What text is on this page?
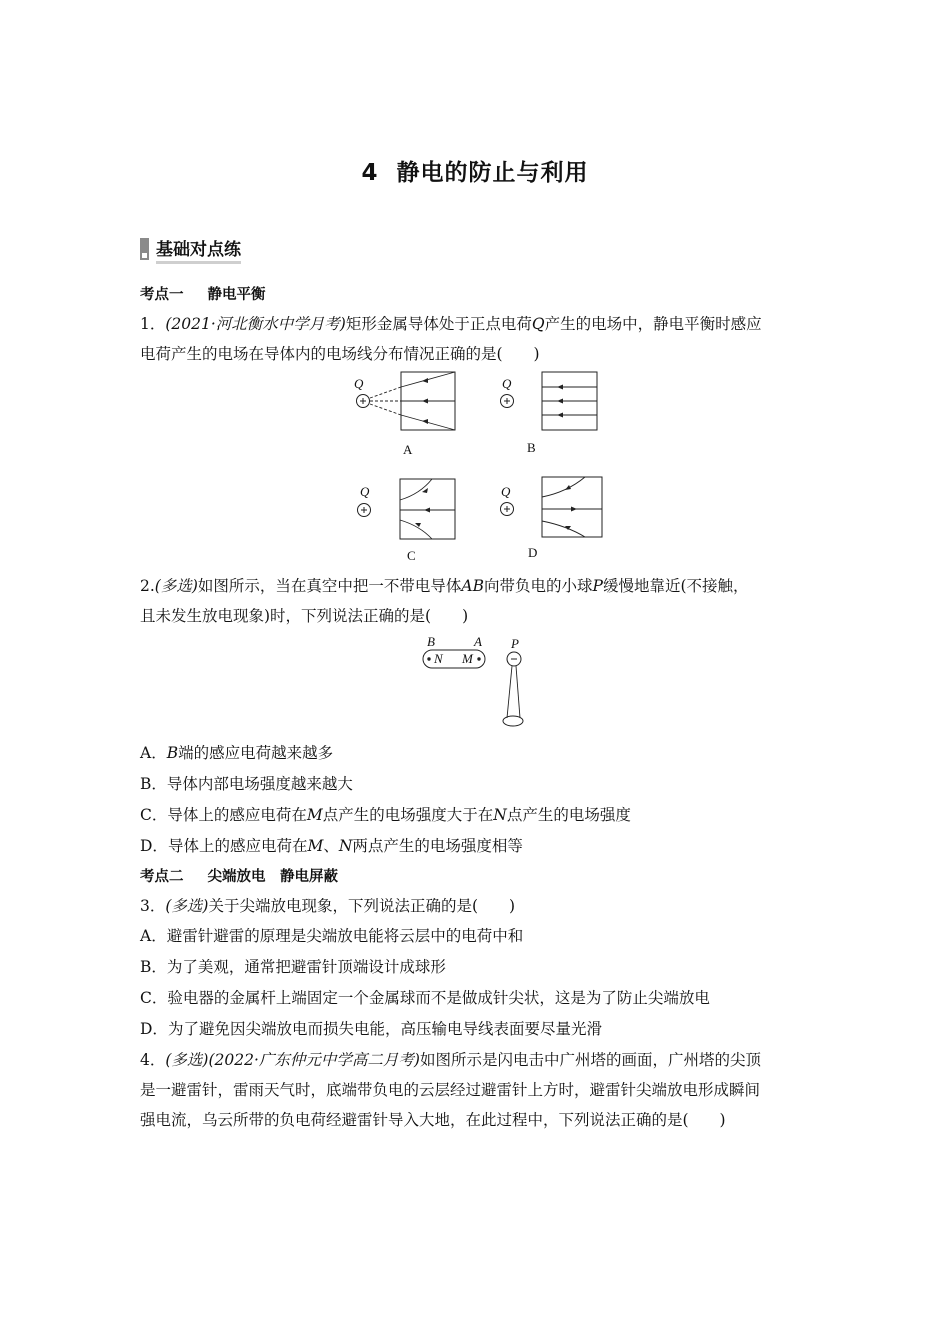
4 静电的防止与利用
基础对点练
考点一 静电平衡
1．(2021·河北衡水中学月考)矩形金属导体处于正点电荷Q产生的电场中，静电平衡时感应
电荷产生的电场在导体内的电场线分布情况正确的是(　　)
Q
A
Q
B
Q
C
Q
D
2.(多选)如图所示，当在真空中把一不带电导体AB向带负电的小球P缓慢地靠近(不接触，
且未发生放电现象)时，下列说法正确的是(　　)
B	A P
N M
A．B端的感应电荷越来越多
B．导体内部电场强度越来越大
C．导体上的感应电荷在M点产生的电场强度大于在N点产生的电场强度
D．导体上的感应电荷在M、N两点产生的电场强度相等
考点二 尖端放电　静电屏蔽
3．(多选)关于尖端放电现象，下列说法正确的是(　　)
A．避雷针避雷的原理是尖端放电能将云层中的电荷中和
B．为了美观，通常把避雷针顶端设计成球形
C．验电器的金属杆上端固定一个金属球而不是做成针尖状，这是为了防止尖端放电
D．为了避免因尖端放电而损失电能，高压输电导线表面要尽量光滑
4．(多选)(2022·广东仲元中学高二月考)如图所示是闪电击中广州塔的画面，广州塔的尖顶
是一避雷针，雷雨天气时，底端带负电的云层经过避雷针上方时，避雷针尖端放电形成瞬间
强电流，乌云所带的负电荷经避雷针导入大地，在此过程中，下列说法正确的是(　　)
